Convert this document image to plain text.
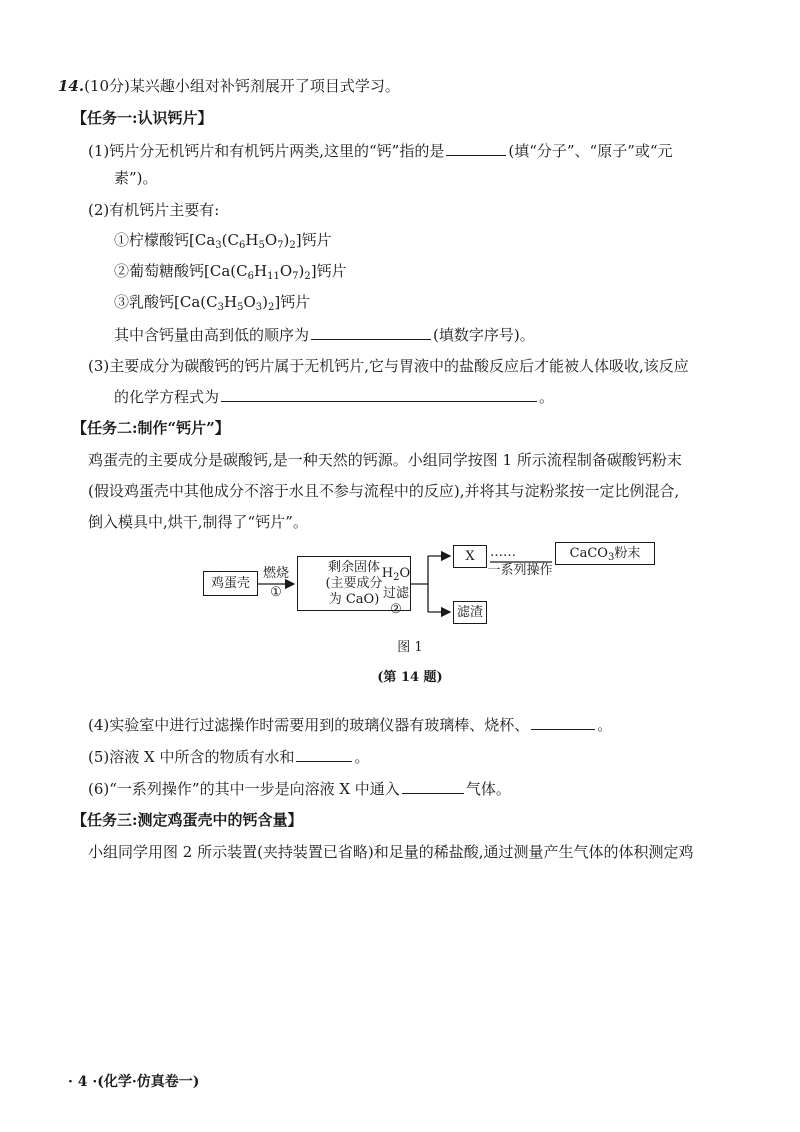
14.(10分)某兴趣小组对补钙剂展开了项目式学习。
【任务一:认识钙片】
(1)钙片分无机钙片和有机钙片两类,这里的“钙”指的是	(填“分子”、“原子”或“元
素”)。
(2)有机钙片主要有:
①柠檬酸钙$[Ca_3(C_6H_5O_7)_2]$钙片
②葡萄糖酸钙$[Ca(C_6H_{11}O_7)_2]$钙片
③乳酸钙$[Ca(C_3H_5O_3)_2]$钙片
其中含钙量由高到低的顺序为	(填数字序号)。
(3)主要成分为碳酸钙的钙片属于无机钙片,它与胃液中的盐酸反应后才能被人体吸收,该反应
的化学方程式为	。
【任务二:制作“钙片”】
鸡蛋壳的主要成分是碳酸钙,是一种天然的钙源。小组同学按图 1 所示流程制备碳酸钙粉末
(假设鸡蛋壳中其他成分不溶于水且不参与流程中的反应),并将其与淀粉浆按一定比例混合,
倒入模具中,烘干,制得了“钙片”。
鸡蛋壳
燃烧
①
剩余固体
(主要成分
为 CaO)
$H_2O$
过滤
②
X	……
一系列操作
CaCO$_3$粉末
滤渣
图 1
(第 14 题)
(4)实验室中进行过滤操作时需要用到的玻璃仪器有玻璃棒、烧杯、	。
(5)溶液 X 中所含的物质有水和	。
(6)“一系列操作”的其中一步是向溶液 X 中通入	气体。
【任务三:测定鸡蛋壳中的钙含量】
小组同学用图 2 所示装置(夹持装置已省略)和足量的稀盐酸,通过测量产生气体的体积测定鸡
· 4 ·(化学·仿真卷一)
